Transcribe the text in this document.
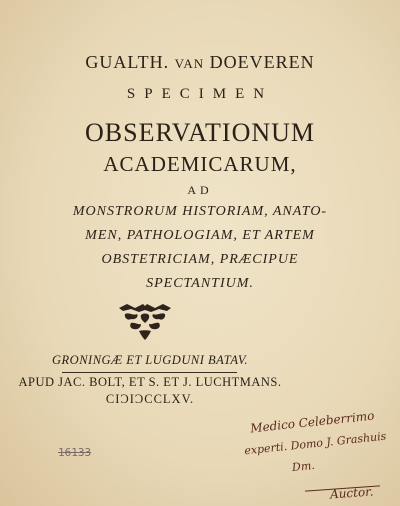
GUALTH. VAN DOEVEREN
SPECIMEN
OBSERVATIONUM
ACADEMICARUM,
AD
MONSTRORUM HISTORIAM, ANATO-
MEN, PATHOLOGIAM, ET ARTEM
OBSTETRICIAM, PRÆCIPUE
SPECTANTIUM.
GRONINGÆ ET LUGDUNI BATAV.
APUD JAC. BOLT, ET S. ET J. LUCHTMANS.
CIƆIƆCCLXV.
16133
Medico Celeberrimo
experti. Domo J. Grashuis
Dm.
Auctor.
